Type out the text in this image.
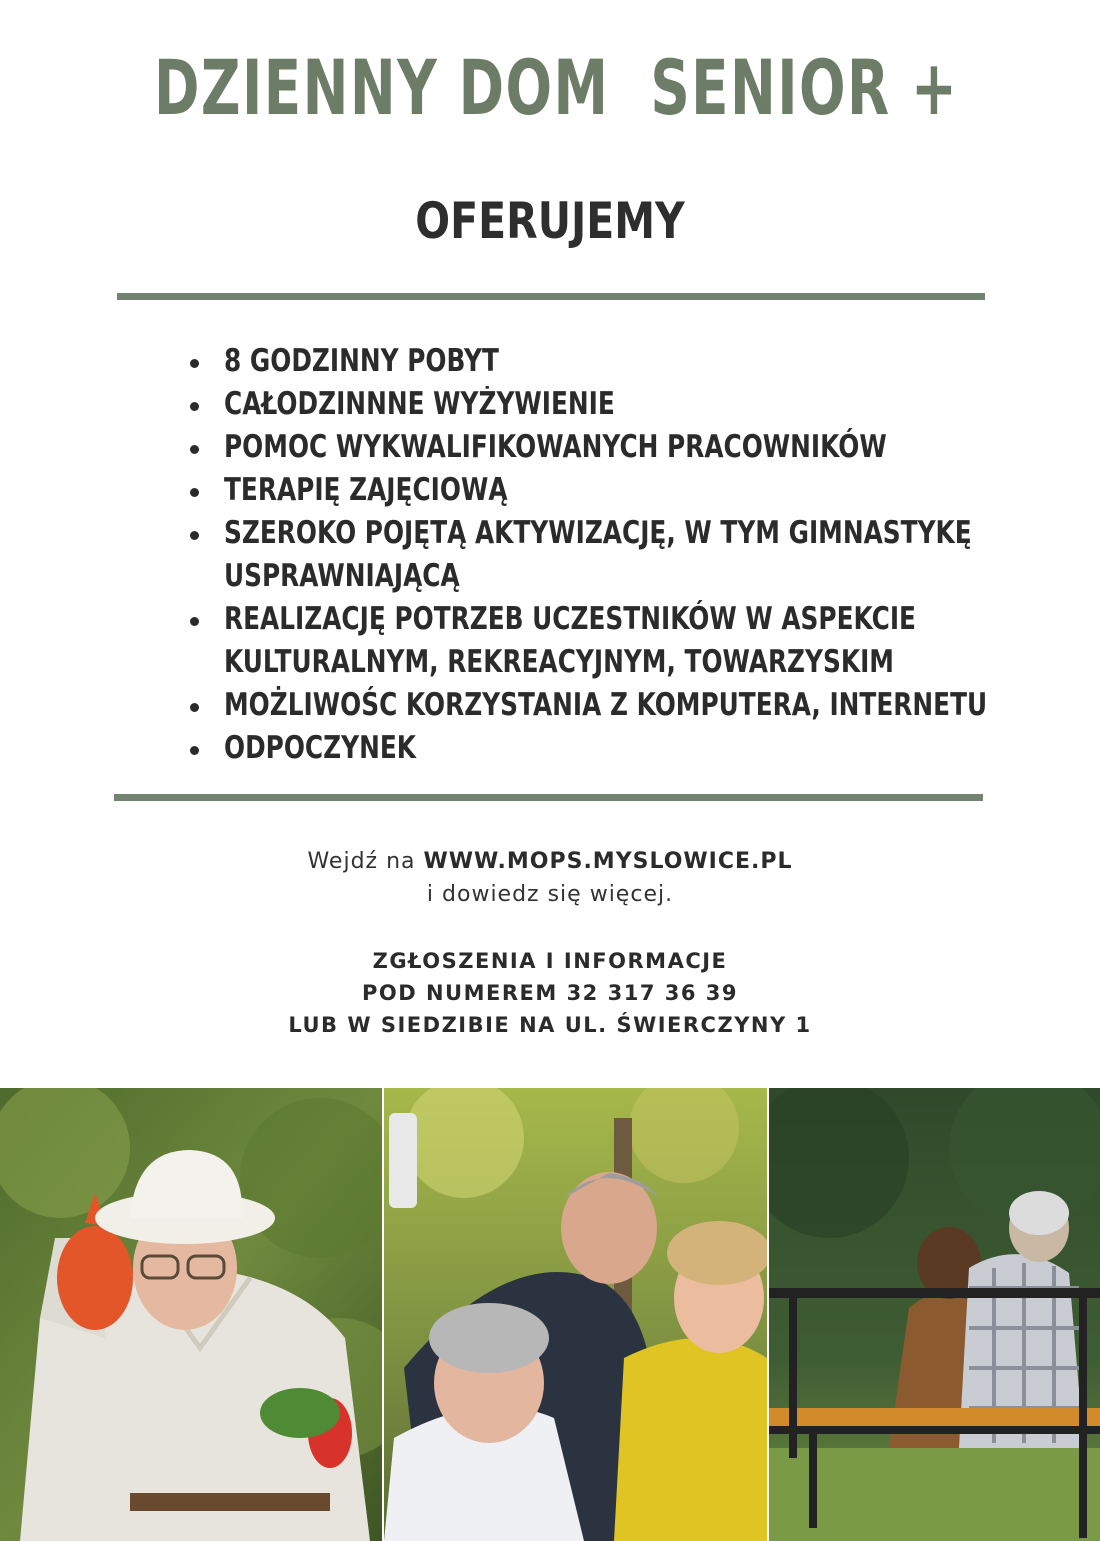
DZIENNY DOM  SENIOR +
OFERUJEMY
8 GODZINNY POBYT
CAŁODZINNNE WYŻYWIENIE
POMOC WYKWALIFIKOWANYCH PRACOWNIKÓW
TERAPIĘ ZAJĘCIOWĄ
SZEROKO POJĘTĄ AKTYWIZACJĘ, W TYM GIMNASTYKĘ
USPRAWNIAJĄCĄ
REALIZACJĘ POTRZEB UCZESTNIKÓW W ASPEKCIE
KULTURALNYM, REKREACYJNYM, TOWARZYSKIM
MOŻLIWOŚC KORZYSTANIA Z KOMPUTERA, INTERNETU
ODPOCZYNEK
Wejdź na WWW.MOPS.MYSLOWICE.PL
i dowiedz się więcej.
ZGŁOSZENIA I INFORMACJE
POD NUMEREM 32 317 36 39
LUB W SIEDZIBIE NA UL. ŚWIERCZYNY 1
